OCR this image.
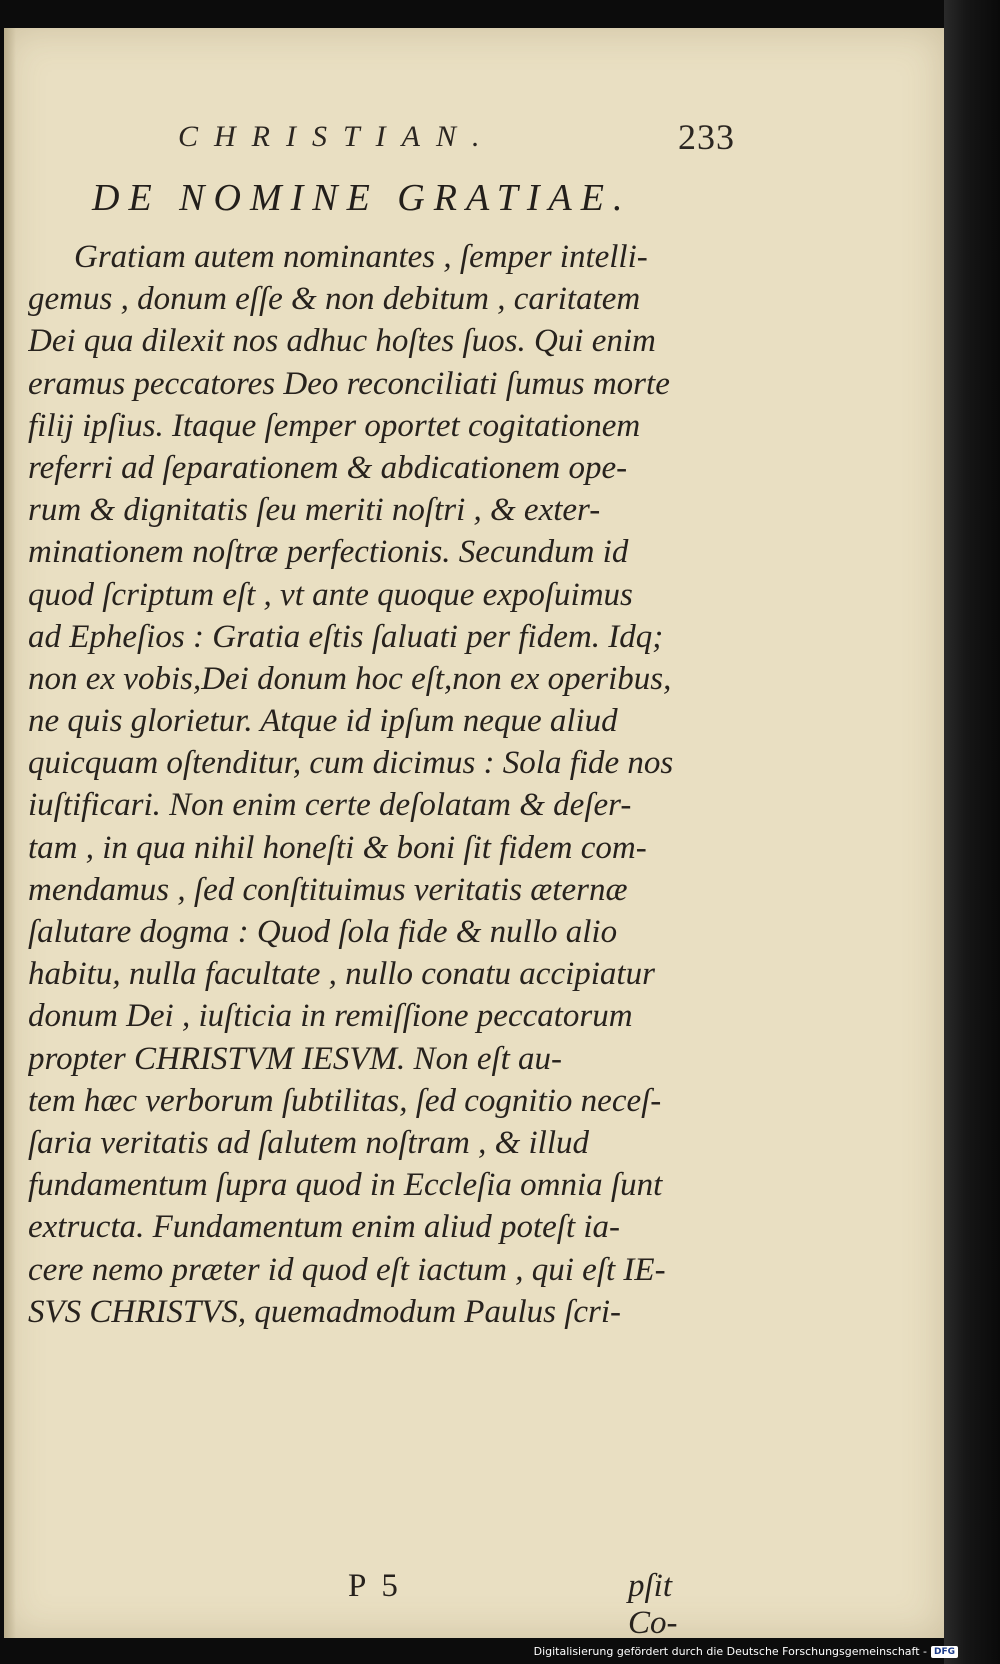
CHRISTIAN.	233
DE NOMINE GRATIAE.
Gratiam autem nominantes , ſemper intelli-
gemus , donum eſſe & non debitum , caritatem
Dei qua dilexit nos adhuc hoſtes ſuos. Qui enim
eramus peccatores Deo reconciliati ſumus morte
filij ipſius. Itaque ſemper oportet cogitationem
referri ad ſeparationem & abdicationem ope-
rum & dignitatis ſeu meriti noſtri , & exter-
minationem noſtræ perfectionis. Secundum id
quod ſcriptum eſt , vt ante quoque expoſuimus
ad Epheſios : Gratia eſtis ſaluati per fidem. Idq;
non ex vobis,Dei donum hoc eſt,non ex operibus,
ne quis glorietur. Atque id ipſum neque aliud
quicquam oſtenditur, cum dicimus : Sola fide nos
iuſtificari. Non enim certe deſolatam & deſer-
tam , in qua nihil honeſti & boni ſit fidem com-
mendamus , ſed conſtituimus veritatis æternæ
ſalutare dogma : Quod ſola fide & nullo alio
habitu, nulla facultate , nullo conatu accipiatur
donum Dei , iuſticia in remiſſione peccatorum
propter CHRISTVM IESVM. Non eſt au-
tem hæc verborum ſubtilitas, ſed cognitio neceſ-
ſaria veritatis ad ſalutem noſtram , & illud
fundamentum ſupra quod in Eccleſia omnia ſunt
extructa. Fundamentum enim aliud poteſt ia-
cere nemo præter id quod eſt iactum , qui eſt IE-
SVS CHRISTVS, quemadmodum Paulus ſcri-
P 5	pſit Co-
Digitalisierung gefördert durch die Deutsche Forschungsgemeinschaft - DFG
